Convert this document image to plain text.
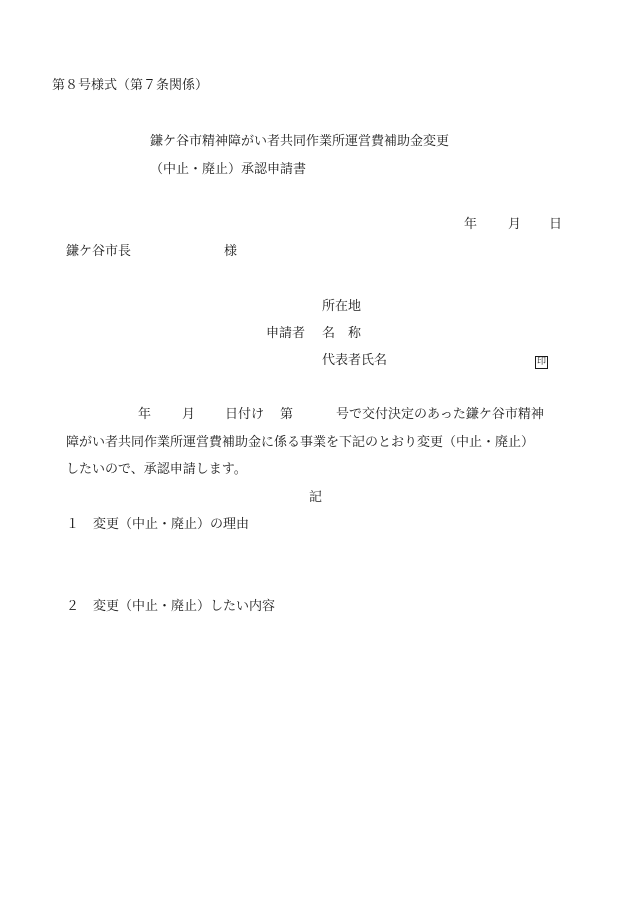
第８号様式（第７条関係）
鎌ケ谷市精神障がい者共同作業所運営費補助金変更
（中止・廃止）承認申請書
年 月 日
鎌ケ谷市長	様
所在地
申請者 名　称
代表者氏名	印
年 月 日付け 第	号で交付決定のあった鎌ケ谷市精神
障がい者共同作業所運営費補助金に係る事業を下記のとおり変更（中止・廃止）
したいので、承認申請します。
記
１ 変更（中止・廃止）の理由
２ 変更（中止・廃止）したい内容
